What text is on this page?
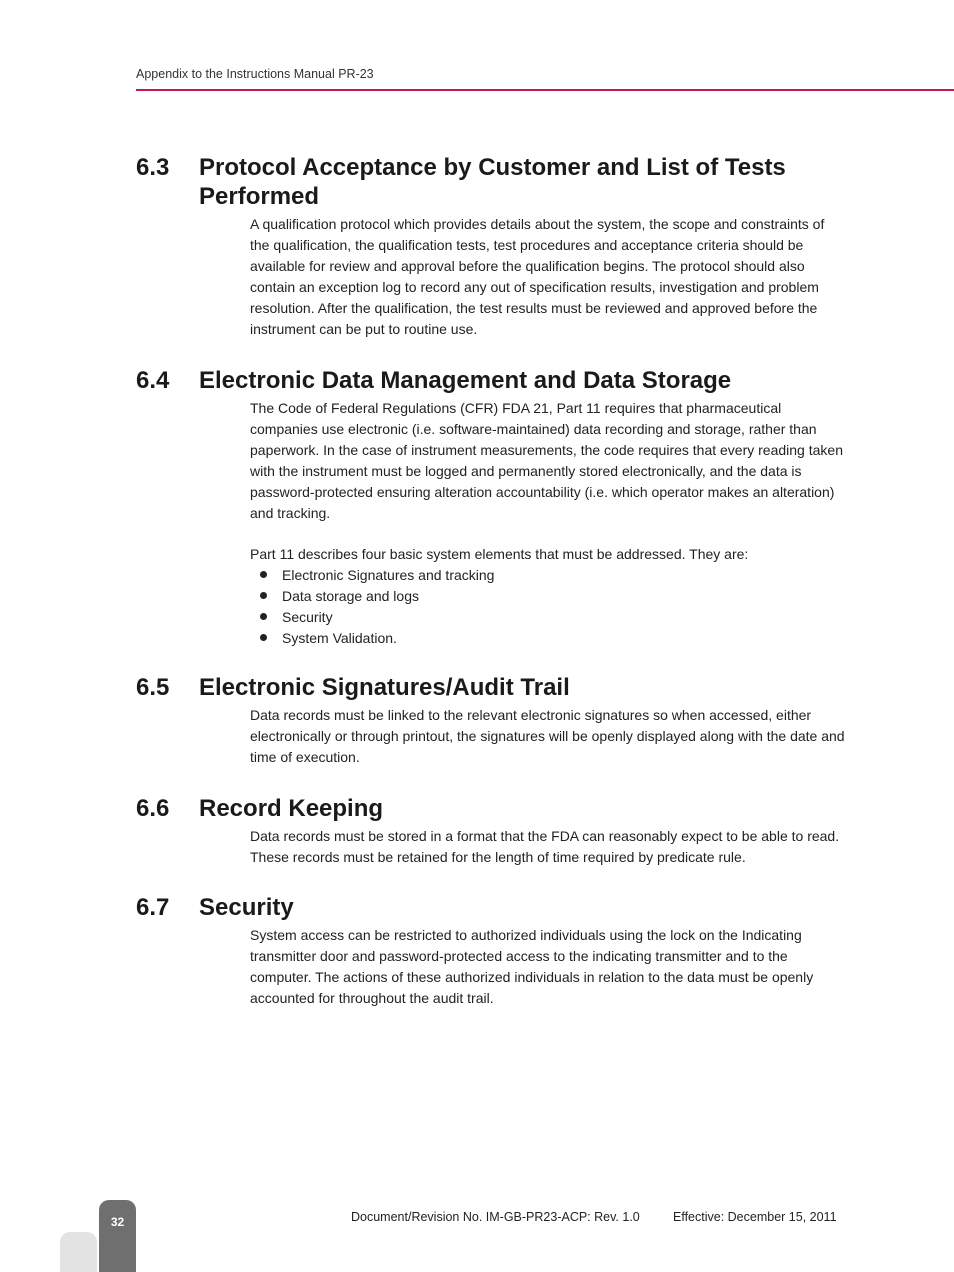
Appendix to the Instructions Manual PR-23
6.3	Protocol Acceptance by Customer and List of Tests Performed

A qualification protocol which provides details about the system, the scope and constraints of the qualification, the qualification tests, test procedures and acceptance criteria should be available for review and approval before the qualification begins. The protocol should also contain an exception log to record any out of specification results, investigation and problem resolution. After the qualification, the test results must be reviewed and approved before the instrument can be put to routine use.

6.4	Electronic Data Management and Data Storage

The Code of Federal Regulations (CFR) FDA 21, Part 11 requires that pharmaceutical companies use electronic (i.e. software-maintained) data recording and storage, rather than paperwork. In the case of instrument measurements, the code requires that every reading taken with the instrument must be logged and permanently stored electronically, and the data is password-protected ensuring alteration accountability (i.e. which operator makes an alteration) and tracking.

Part 11 describes four basic system elements that must be addressed. They are:

Electronic Signatures and tracking
Data storage and logs
Security
System Validation.
6.5	Electronic Signatures/Audit Trail

Data records must be linked to the relevant electronic signatures so when accessed, either electronically or through printout, the signatures will be openly displayed along with the date and time of execution.

6.6	Record Keeping

Data records must be stored in a format that the FDA can reasonably expect to be able to read. These records must be retained for the length of time required by predicate rule.

6.7	Security

System access can be restricted to authorized individuals using the lock on the Indicating transmitter door and password-protected access to the indicating transmitter and to the computer. The actions of these authorized individuals in relation to the data must be openly accounted for throughout the audit trail.

32	Document/Revision No. IM-GB-PR23-ACP: Rev. 1.0	Effective: December 15, 2011
